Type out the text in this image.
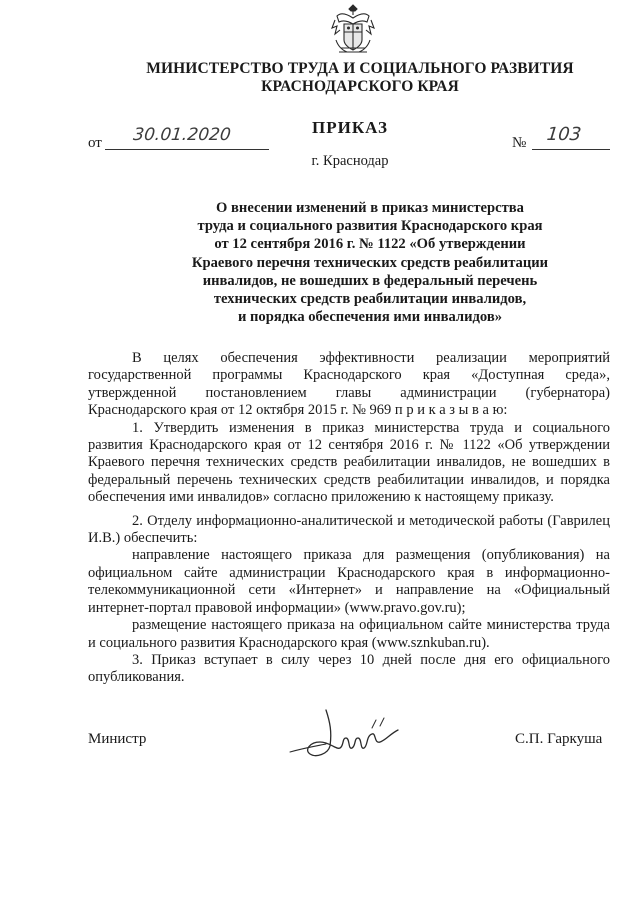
МИНИСТЕРСТВО ТРУДА И СОЦИАЛЬНОГО РАЗВИТИЯ
КРАСНОДАРСКОГО КРАЯ
ПРИКАЗ
от	30.01.2020	№	103
г. Краснодар
О внесении изменений в приказ министерства
труда и социального развития Краснодарского края
от 12 сентября 2016 г. № 1122 «Об утверждении
Краевого перечня технических средств реабилитации
инвалидов, не вошедших в федеральный перечень
технических средств реабилитации инвалидов,
и порядка обеспечения ими инвалидов»

В целях обеспечения эффективности реализации мероприятий государственной программы Краснодарского края «Доступная среда», утвержденной постановлением главы администрации (губернатора) Краснодарского края от 12 октября 2015 г. № 969 п р и к а з ы в а ю:

1. Утвердить изменения в приказ министерства труда и социального развития Краснодарского края от 12 сентября 2016 г. № 1122 «Об утверждении Краевого перечня технических средств реабилитации инвалидов, не вошедших в федеральный перечень технических средств реабилитации инвалидов, и порядка обеспечения ими инвалидов» согласно приложению к настоящему приказу.

2. Отделу информационно-аналитической и методической работы (Гаврилец И.В.) обеспечить:

направление настоящего приказа для размещения (опубликования) на официальном сайте администрации Краснодарского края в информационно-телекоммуникационной сети «Интернет» и направление на «Официальный интернет-портал правовой информации» (www.pravo.gov.ru);

размещение настоящего приказа на официальном сайте министерства труда и социального развития Краснодарского края (www.sznkuban.ru).

3. Приказ вступает в силу через 10 дней после дня его официального опубликования.

Министр	С.П. Гаркуша
